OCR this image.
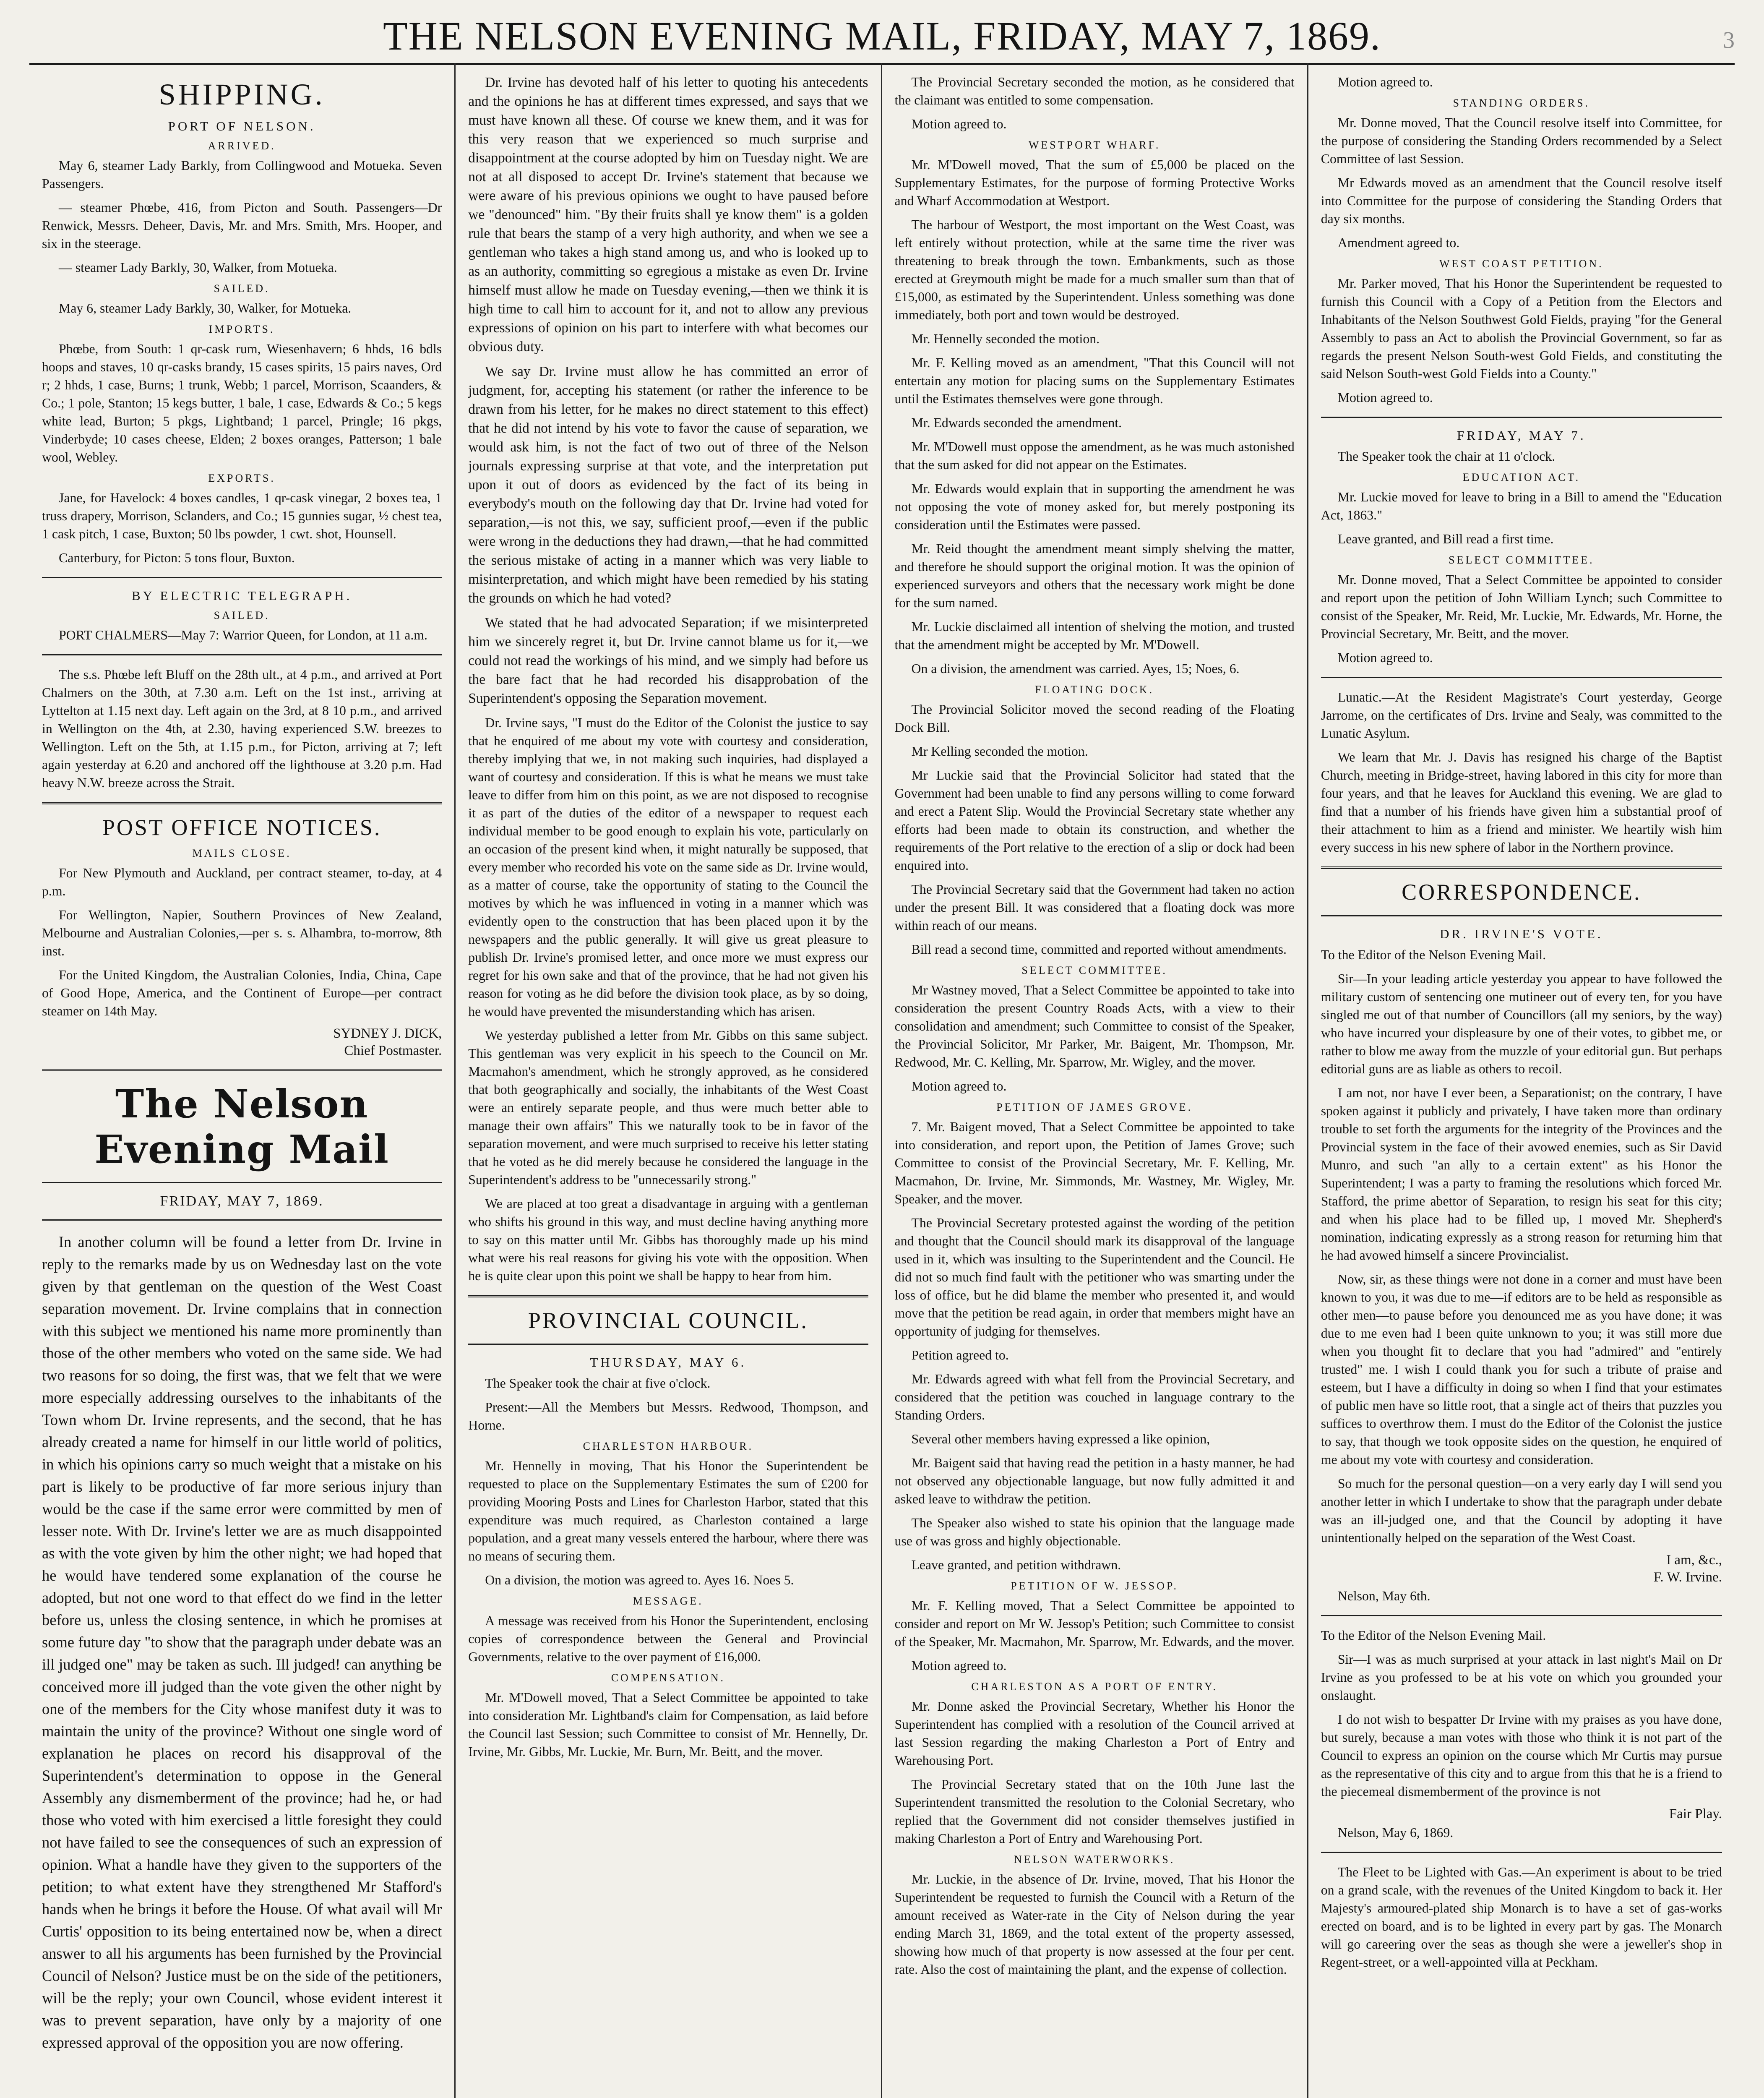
THE NELSON EVENING MAIL, FRIDAY, MAY 7, 1869.	3
SHIPPING.
PORT OF NELSON.
ARRIVED.

May 6, steamer Lady Barkly, from Collingwood and Motueka. Seven Passengers.

— steamer Phœbe, 416, from Picton and South. Passengers—Dr Renwick, Messrs. Deheer, Davis, Mr. and Mrs. Smith, Mrs. Hooper, and six in the steerage.

— steamer Lady Barkly, 30, Walker, from Motueka.

SAILED.

May 6, steamer Lady Barkly, 30, Walker, for Motueka.

IMPORTS.

Phœbe, from South: 1 qr-cask rum, Wiesenhavern; 6 hhds, 16 bdls hoops and staves, 10 qr-casks brandy, 15 cases spirits, 15 pairs naves, Ord r; 2 hhds, 1 case, Burns; 1 trunk, Webb; 1 parcel, Morrison, Scaanders, & Co.; 1 pole, Stanton; 15 kegs butter, 1 bale, 1 case, Edwards & Co.; 5 kegs white lead, Burton; 5 pkgs, Lightband; 1 parcel, Pringle; 16 pkgs, Vinderbyde; 10 cases cheese, Elden; 2 boxes oranges, Patterson; 1 bale wool, Webley.

EXPORTS.

Jane, for Havelock: 4 boxes candles, 1 qr-cask vinegar, 2 boxes tea, 1 truss drapery, Morrison, Sclanders, and Co.; 15 gunnies sugar, ½ chest tea, 1 cask pitch, 1 case, Buxton; 50 lbs powder, 1 cwt. shot, Hounsell.

Canterbury, for Picton: 5 tons flour, Buxton.

BY ELECTRIC TELEGRAPH.
SAILED.

PORT CHALMERS—May 7: Warrior Queen, for London, at 11 a.m.

The s.s. Phœbe left Bluff on the 28th ult., at 4 p.m., and arrived at Port Chalmers on the 30th, at 7.30 a.m. Left on the 1st inst., arriving at Lyttelton at 1.15 next day. Left again on the 3rd, at 8 10 p.m., and arrived in Wellington on the 4th, at 2.30, having experienced S.W. breezes to Wellington. Left on the 5th, at 1.15 p.m., for Picton, arriving at 7; left again yesterday at 6.20 and anchored off the lighthouse at 3.20 p.m. Had heavy N.W. breeze across the Strait.

POST OFFICE NOTICES.
MAILS CLOSE.

For New Plymouth and Auckland, per contract steamer, to-day, at 4 p.m.

For Wellington, Napier, Southern Provinces of New Zealand, Melbourne and Australian Colonies,—per s. s. Alhambra, to-morrow, 8th inst.

For the United Kingdom, the Australian Colonies, India, China, Cape of Good Hope, America, and the Continent of Europe—per contract steamer on 14th May.

SYDNEY J. DICK,
Chief Postmaster.
The Nelson Evening Mail
FRIDAY, MAY 7, 1869.

In another column will be found a letter from Dr. Irvine in reply to the remarks made by us on Wednesday last on the vote given by that gentleman on the question of the West Coast separation movement. Dr. Irvine complains that in connection with this subject we mentioned his name more prominently than those of the other members who voted on the same side. We had two reasons for so doing, the first was, that we felt that we were more especially addressing ourselves to the inhabitants of the Town whom Dr. Irvine represents, and the second, that he has already created a name for himself in our little world of politics, in which his opinions carry so much weight that a mistake on his part is likely to be productive of far more serious injury than would be the case if the same error were committed by men of lesser note. With Dr. Irvine's letter we are as much disappointed as with the vote given by him the other night; we had hoped that he would have tendered some explanation of the course he adopted, but not one word to that effect do we find in the letter before us, unless the closing sentence, in which he promises at some future day "to show that the paragraph under debate was an ill judged one" may be taken as such. Ill judged! can anything be conceived more ill judged than the vote given the other night by one of the members for the City whose manifest duty it was to maintain the unity of the province? Without one single word of explanation he places on record his disapproval of the Superintendent's determination to oppose in the General Assembly any dismemberment of the province; had he, or had those who voted with him exercised a little foresight they could not have failed to see the consequences of such an expression of opinion. What a handle have they given to the supporters of the petition; to what extent have they strengthened Mr Stafford's hands when he brings it before the House. Of what avail will Mr Curtis' opposition to its being entertained now be, when a direct answer to all his arguments has been furnished by the Provincial Council of Nelson? Justice must be on the side of the petitioners, will be the reply; your own Council, whose evident interest it was to prevent separation, have only by a majority of one expressed approval of the opposition you are now offering.

Dr. Irvine has devoted half of his letter to quoting his antecedents and the opinions he has at different times expressed, and says that we must have known all these. Of course we knew them, and it was for this very reason that we experienced so much surprise and disappointment at the course adopted by him on Tuesday night. We are not at all disposed to accept Dr. Irvine's statement that because we were aware of his previous opinions we ought to have paused before we "denounced" him. "By their fruits shall ye know them" is a golden rule that bears the stamp of a very high authority, and when we see a gentleman who takes a high stand among us, and who is looked up to as an authority, committing so egregious a mistake as even Dr. Irvine himself must allow he made on Tuesday evening,—then we think it is high time to call him to account for it, and not to allow any previous expressions of opinion on his part to interfere with what becomes our obvious duty.

We say Dr. Irvine must allow he has committed an error of judgment, for, accepting his statement (or rather the inference to be drawn from his letter, for he makes no direct statement to this effect) that he did not intend by his vote to favor the cause of separation, we would ask him, is not the fact of two out of three of the Nelson journals expressing surprise at that vote, and the interpretation put upon it out of doors as evidenced by the fact of its being in everybody's mouth on the following day that Dr. Irvine had voted for separation,—is not this, we say, sufficient proof,—even if the public were wrong in the deductions they had drawn,—that he had committed the serious mistake of acting in a manner which was very liable to misinterpretation, and which might have been remedied by his stating the grounds on which he had voted?

We stated that he had advocated Separation; if we misinterpreted him we sincerely regret it, but Dr. Irvine cannot blame us for it,—we could not read the workings of his mind, and we simply had before us the bare fact that he had recorded his disapprobation of the Superintendent's opposing the Separation movement.

Dr. Irvine says, "I must do the Editor of the Colonist the justice to say that he enquired of me about my vote with courtesy and consideration, thereby implying that we, in not making such inquiries, had displayed a want of courtesy and consideration. If this is what he means we must take leave to differ from him on this point, as we are not disposed to recognise it as part of the duties of the editor of a newspaper to request each individual member to be good enough to explain his vote, particularly on an occasion of the present kind when, it might naturally be supposed, that every member who recorded his vote on the same side as Dr. Irvine would, as a matter of course, take the opportunity of stating to the Council the motives by which he was influenced in voting in a manner which was evidently open to the construction that has been placed upon it by the newspapers and the public generally. It will give us great pleasure to publish Dr. Irvine's promised letter, and once more we must express our regret for his own sake and that of the province, that he had not given his reason for voting as he did before the division took place, as by so doing, he would have prevented the misunderstanding which has arisen.

We yesterday published a letter from Mr. Gibbs on this same subject. This gentleman was very explicit in his speech to the Council on Mr. Macmahon's amendment, which he strongly approved, as he considered that both geographically and socially, the inhabitants of the West Coast were an entirely separate people, and thus were much better able to manage their own affairs" This we naturally took to be in favor of the separation movement, and were much surprised to receive his letter stating that he voted as he did merely because he considered the language in the Superintendent's address to be "unnecessarily strong."

We are placed at too great a disadvantage in arguing with a gentleman who shifts his ground in this way, and must decline having anything more to say on this matter until Mr. Gibbs has thoroughly made up his mind what were his real reasons for giving his vote with the opposition. When he is quite clear upon this point we shall be happy to hear from him.

PROVINCIAL COUNCIL.
THURSDAY, MAY 6.

The Speaker took the chair at five o'clock.

Present:—All the Members but Messrs. Redwood, Thompson, and Horne.

CHARLESTON HARBOUR.

Mr. Hennelly in moving, That his Honor the Superintendent be requested to place on the Supplementary Estimates the sum of £200 for providing Mooring Posts and Lines for Charleston Harbor, stated that this expenditure was much required, as Charleston contained a large population, and a great many vessels entered the harbour, where there was no means of securing them.

On a division, the motion was agreed to. Ayes 16. Noes 5.

MESSAGE.

A message was received from his Honor the Superintendent, enclosing copies of correspondence between the General and Provincial Governments, relative to the over payment of £16,000.

COMPENSATION.

Mr. M'Dowell moved, That a Select Committee be appointed to take into consideration Mr. Lightband's claim for Compensation, as laid before the Council last Session; such Committee to consist of Mr. Hennelly, Dr. Irvine, Mr. Gibbs, Mr. Luckie, Mr. Burn, Mr. Beitt, and the mover.

The Provincial Secretary seconded the motion, as he considered that the claimant was entitled to some compensation.

Motion agreed to.

WESTPORT WHARF.

Mr. M'Dowell moved, That the sum of £5,000 be placed on the Supplementary Estimates, for the purpose of forming Protective Works and Wharf Accommodation at Westport.

The harbour of Westport, the most important on the West Coast, was left entirely without protection, while at the same time the river was threatening to break through the town. Embankments, such as those erected at Greymouth might be made for a much smaller sum than that of £15,000, as estimated by the Superintendent. Unless something was done immediately, both port and town would be destroyed.

Mr. Hennelly seconded the motion.

Mr. F. Kelling moved as an amendment, "That this Council will not entertain any motion for placing sums on the Supplementary Estimates until the Estimates themselves were gone through.

Mr. Edwards seconded the amendment.

Mr. M'Dowell must oppose the amendment, as he was much astonished that the sum asked for did not appear on the Estimates.

Mr. Edwards would explain that in supporting the amendment he was not opposing the vote of money asked for, but merely postponing its consideration until the Estimates were passed.

Mr. Reid thought the amendment meant simply shelving the matter, and therefore he should support the original motion. It was the opinion of experienced surveyors and others that the necessary work might be done for the sum named.

Mr. Luckie disclaimed all intention of shelving the motion, and trusted that the amendment might be accepted by Mr. M'Dowell.

On a division, the amendment was carried. Ayes, 15; Noes, 6.

FLOATING DOCK.

The Provincial Solicitor moved the second reading of the Floating Dock Bill.

Mr Kelling seconded the motion.

Mr Luckie said that the Provincial Solicitor had stated that the Government had been unable to find any persons willing to come forward and erect a Patent Slip. Would the Provincial Secretary state whether any efforts had been made to obtain its construction, and whether the requirements of the Port relative to the erection of a slip or dock had been enquired into.

The Provincial Secretary said that the Government had taken no action under the present Bill. It was considered that a floating dock was more within reach of our means.

Bill read a second time, committed and reported without amendments.

SELECT COMMITTEE.

Mr Wastney moved, That a Select Committee be appointed to take into consideration the present Country Roads Acts, with a view to their consolidation and amendment; such Committee to consist of the Speaker, the Provincial Solicitor, Mr Parker, Mr. Baigent, Mr. Thompson, Mr. Redwood, Mr. C. Kelling, Mr. Sparrow, Mr. Wigley, and the mover.

Motion agreed to.

PETITION OF JAMES GROVE.

7. Mr. Baigent moved, That a Select Committee be appointed to take into consideration, and report upon, the Petition of James Grove; such Committee to consist of the Provincial Secretary, Mr. F. Kelling, Mr. Macmahon, Dr. Irvine, Mr. Simmonds, Mr. Wastney, Mr. Wigley, Mr. Speaker, and the mover.

The Provincial Secretary protested against the wording of the petition and thought that the Council should mark its disapproval of the language used in it, which was insulting to the Superintendent and the Council. He did not so much find fault with the petitioner who was smarting under the loss of office, but he did blame the member who presented it, and would move that the petition be read again, in order that members might have an opportunity of judging for themselves.

Petition agreed to.

Mr. Edwards agreed with what fell from the Provincial Secretary, and considered that the petition was couched in language contrary to the Standing Orders.

Several other members having expressed a like opinion,

Mr. Baigent said that having read the petition in a hasty manner, he had not observed any objectionable language, but now fully admitted it and asked leave to withdraw the petition.

The Speaker also wished to state his opinion that the language made use of was gross and highly objectionable.

Leave granted, and petition withdrawn.

PETITION OF W. JESSOP.

Mr. F. Kelling moved, That a Select Committee be appointed to consider and report on Mr W. Jessop's Petition; such Committee to consist of the Speaker, Mr. Macmahon, Mr. Sparrow, Mr. Edwards, and the mover.

Motion agreed to.

CHARLESTON AS A PORT OF ENTRY.

Mr. Donne asked the Provincial Secretary, Whether his Honor the Superintendent has complied with a resolution of the Council arrived at last Session regarding the making Charleston a Port of Entry and Warehousing Port.

The Provincial Secretary stated that on the 10th June last the Superintendent transmitted the resolution to the Colonial Secretary, who replied that the Government did not consider themselves justified in making Charleston a Port of Entry and Warehousing Port.

NELSON WATERWORKS.

Mr. Luckie, in the absence of Dr. Irvine, moved, That his Honor the Superintendent be requested to furnish the Council with a Return of the amount received as Water-rate in the City of Nelson during the year ending March 31, 1869, and the total extent of the property assessed, showing how much of that property is now assessed at the four per cent. rate. Also the cost of maintaining the plant, and the expense of collection.

Motion agreed to.

STANDING ORDERS.

Mr. Donne moved, That the Council resolve itself into Committee, for the purpose of considering the Standing Orders recommended by a Select Committee of last Session.

Mr Edwards moved as an amendment that the Council resolve itself into Committee for the purpose of considering the Standing Orders that day six months.

Amendment agreed to.

WEST COAST PETITION.

Mr. Parker moved, That his Honor the Superintendent be requested to furnish this Council with a Copy of a Petition from the Electors and Inhabitants of the Nelson Southwest Gold Fields, praying "for the General Assembly to pass an Act to abolish the Provincial Government, so far as regards the present Nelson South-west Gold Fields, and constituting the said Nelson South-west Gold Fields into a County."

Motion agreed to.

FRIDAY, MAY 7.

The Speaker took the chair at 11 o'clock.

EDUCATION ACT.

Mr. Luckie moved for leave to bring in a Bill to amend the "Education Act, 1863."

Leave granted, and Bill read a first time.

SELECT COMMITTEE.

Mr. Donne moved, That a Select Committee be appointed to consider and report upon the petition of John William Lynch; such Committee to consist of the Speaker, Mr. Reid, Mr. Luckie, Mr. Edwards, Mr. Horne, the Provincial Secretary, Mr. Beitt, and the mover.

Motion agreed to.

Lunatic.—At the Resident Magistrate's Court yesterday, George Jarrome, on the certificates of Drs. Irvine and Sealy, was committed to the Lunatic Asylum.

We learn that Mr. J. Davis has resigned his charge of the Baptist Church, meeting in Bridge-street, having labored in this city for more than four years, and that he leaves for Auckland this evening. We are glad to find that a number of his friends have given him a substantial proof of their attachment to him as a friend and minister. We heartily wish him every success in his new sphere of labor in the Northern province.

CORRESPONDENCE.
DR. IRVINE'S VOTE.

To the Editor of the Nelson Evening Mail.

Sir—In your leading article yesterday you appear to have followed the military custom of sentencing one mutineer out of every ten, for you have singled me out of that number of Councillors (all my seniors, by the way) who have incurred your displeasure by one of their votes, to gibbet me, or rather to blow me away from the muzzle of your editorial gun. But perhaps editorial guns are as liable as others to recoil.

I am not, nor have I ever been, a Separationist; on the contrary, I have spoken against it publicly and privately, I have taken more than ordinary trouble to set forth the arguments for the integrity of the Provinces and the Provincial system in the face of their avowed enemies, such as Sir David Munro, and such "an ally to a certain extent" as his Honor the Superintendent; I was a party to framing the resolutions which forced Mr. Stafford, the prime abettor of Separation, to resign his seat for this city; and when his place had to be filled up, I moved Mr. Shepherd's nomination, indicating expressly as a strong reason for returning him that he had avowed himself a sincere Provincialist.

Now, sir, as these things were not done in a corner and must have been known to you, it was due to me—if editors are to be held as responsible as other men—to pause before you denounced me as you have done; it was due to me even had I been quite unknown to you; it was still more due when you thought fit to declare that you had "admired" and "entirely trusted" me. I wish I could thank you for such a tribute of praise and esteem, but I have a difficulty in doing so when I find that your estimates of public men have so little root, that a single act of theirs that puzzles you suffices to overthrow them. I must do the Editor of the Colonist the justice to say, that though we took opposite sides on the question, he enquired of me about my vote with courtesy and consideration.

So much for the personal question—on a very early day I will send you another letter in which I undertake to show that the paragraph under debate was an ill-judged one, and that the Council by adopting it have unintentionally helped on the separation of the West Coast.

I am, &c.,
F. W. Irvine.

Nelson, May 6th.

To the Editor of the Nelson Evening Mail.

Sir—I was as much surprised at your attack in last night's Mail on Dr Irvine as you professed to be at his vote on which you grounded your onslaught.

I do not wish to bespatter Dr Irvine with my praises as you have done, but surely, because a man votes with those who think it is not part of the Council to express an opinion on the course which Mr Curtis may pursue as the representative of this city and to argue from this that he is a friend to the piecemeal dismemberment of the province is not

Fair Play.

Nelson, May 6, 1869.

The Fleet to be Lighted with Gas.—An experiment is about to be tried on a grand scale, with the revenues of the United Kingdom to back it. Her Majesty's armoured-plated ship Monarch is to have a set of gas-works erected on board, and is to be lighted in every part by gas. The Monarch will go careering over the seas as though she were a jeweller's shop in Regent-street, or a well-appointed villa at Peckham.
